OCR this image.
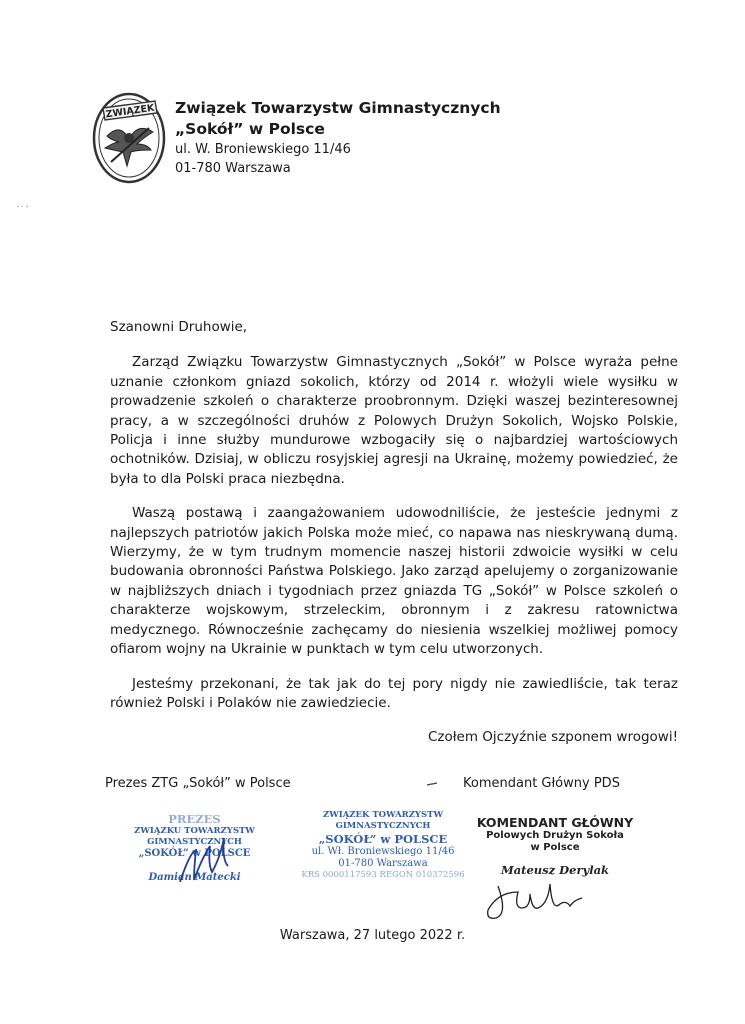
ZWIĄZEK Związek Towarzystw Gimnastycznych

„Sokół” w Polsce

ul. W. Broniewskiego 11/46

01-780 Warszawa

Szanowni Druhowie,

Zarząd Związku Towarzystw Gimnastycznych „Sokół” w Polsce wyraża pełne uznanie członkom gniazd sokolich, którzy od 2014 r. włożyli wiele wysiłku w prowadzenie szkoleń o charakterze proobronnym. Dzięki waszej bezinteresownej pracy, a w szczególności druhów z Polowych Drużyn Sokolich, Wojsko Polskie, Policja i inne służby mundurowe wzbogaciły się o najbardziej wartościowych ochotników. Dzisiaj, w obliczu rosyjskiej agresji na Ukrainę, możemy powiedzieć, że była to dla Polski praca niezbędna.

Waszą postawą i zaangażowaniem udowodniliście, że jesteście jednymi z najlepszych patriotów jakich Polska może mieć, co napawa nas nieskrywaną dumą. Wierzymy, że w tym trudnym momencie naszej historii zdwoicie wysiłki w celu budowania obronności Państwa Polskiego. Jako zarząd apelujemy o zorganizowanie w najbliższych dniach i tygodniach przez gniazda TG „Sokół” w Polsce szkoleń o charakterze wojskowym, strzeleckim, obronnym i z zakresu ratownictwa medycznego. Równocześnie zachęcamy do niesienia wszelkiej możliwej pomocy ofiarom wojny na Ukrainie w punktach w tym celu utworzonych.

Jesteśmy przekonani, że tak jak do tej pory nigdy nie zawiedliście, tak teraz również Polski i Polaków nie zawiedziecie.

Czołem Ojczyźnie szponem wrogowi!

Prezes ZTG „Sokół” w Polsce	Komendant Główny PDS
PREZES
ZWIĄZKU TOWARZYSTW GIMNASTYCZNYCH
„SOKÓŁ” w POLSCE
Damian Matecki
ZWIĄZEK TOWARZYSTW GIMNASTYCZNYCH
„SOKÓŁ” w POLSCE
ul. Wł. Broniewskiego 11/46
01-780 Warszawa
KRS 0000117593 REGON 010372596
KOMENDANT GŁÓWNY
Polowych Drużyn Sokoła
w Polsce
Mateusz Derylak
Warszawa, 27 lutego 2022 r.
